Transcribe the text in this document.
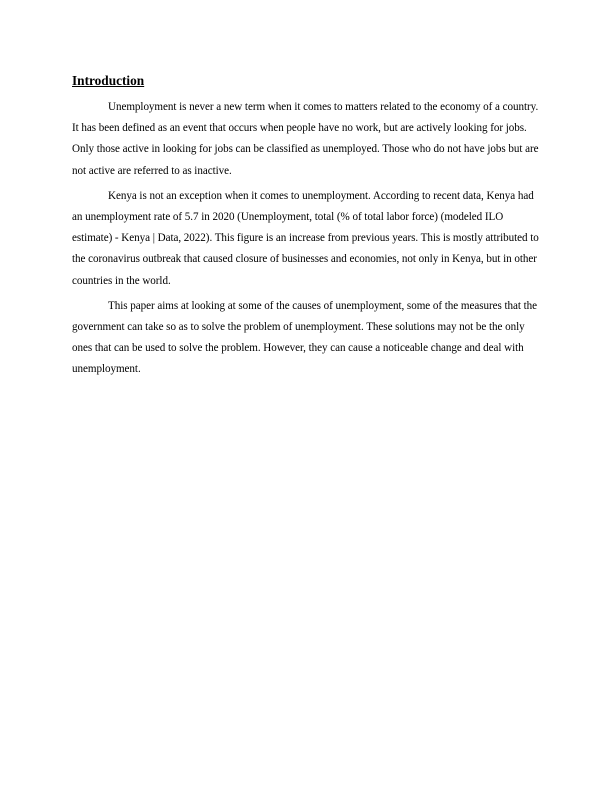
Introduction

Unemployment is never a new term when it comes to matters related to the economy of a country. It has been defined as an event that occurs when people have no work, but are actively looking for jobs. Only those active in looking for jobs can be classified as unemployed. Those who do not have jobs but are not active are referred to as inactive.

Kenya is not an exception when it comes to unemployment. According to recent data, Kenya had an unemployment rate of 5.7 in 2020 (Unemployment, total (% of total labor force) (modeled ILO estimate) - Kenya | Data, 2022). This figure is an increase from previous years. This is mostly attributed to the coronavirus outbreak that caused closure of businesses and economies, not only in Kenya, but in other countries in the world.

This paper aims at looking at some of the causes of unemployment, some of the measures that the government can take so as to solve the problem of unemployment. These solutions may not be the only ones that can be used to solve the problem. However, they can cause a noticeable change and deal with unemployment.
